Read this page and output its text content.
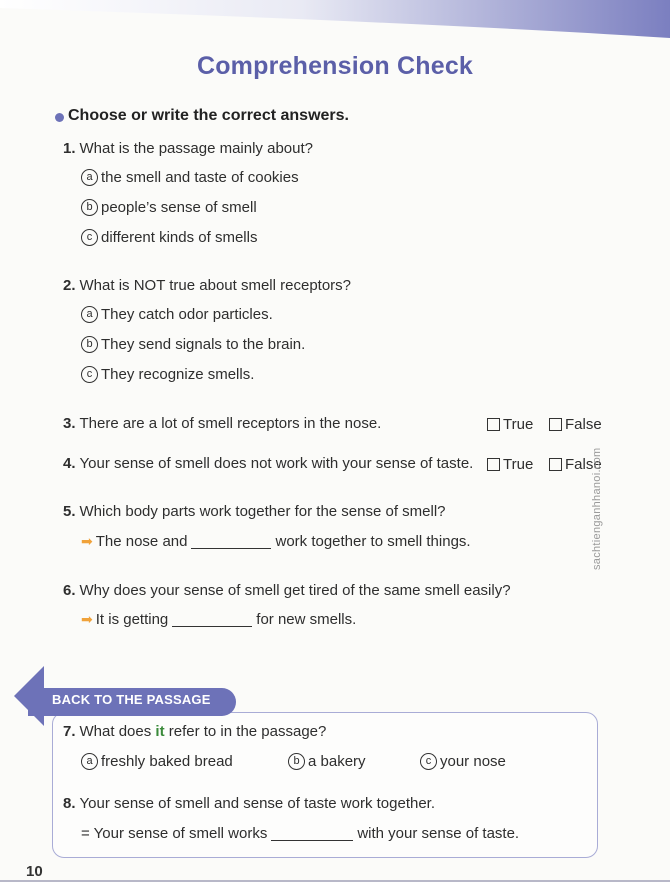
Comprehension Check
Choose or write the correct answers.
1. What is the passage mainly about?
a the smell and taste of cookies
b people’s sense of smell
c different kinds of smells
2. What is NOT true about smell receptors?
a They catch odor particles.
b They send signals to the brain.
c They recognize smells.
3. There are a lot of smell receptors in the nose.	True False
4. Your sense of smell does not work with your sense of taste. True False
5. Which body parts work together for the sense of smell?
➡ The nose and	work together to smell things.
6. Why does your sense of smell get tired of the same smell easily?
➡ It is getting	for new smells.
BACK TO THE PASSAGE
7. What does it refer to in the passage?
a freshly baked bread	b a bakery	c your nose
8. Your sense of smell and sense of taste work together.
= Your sense of smell works	with your sense of taste.
10
sachtienganhhanoi.com
